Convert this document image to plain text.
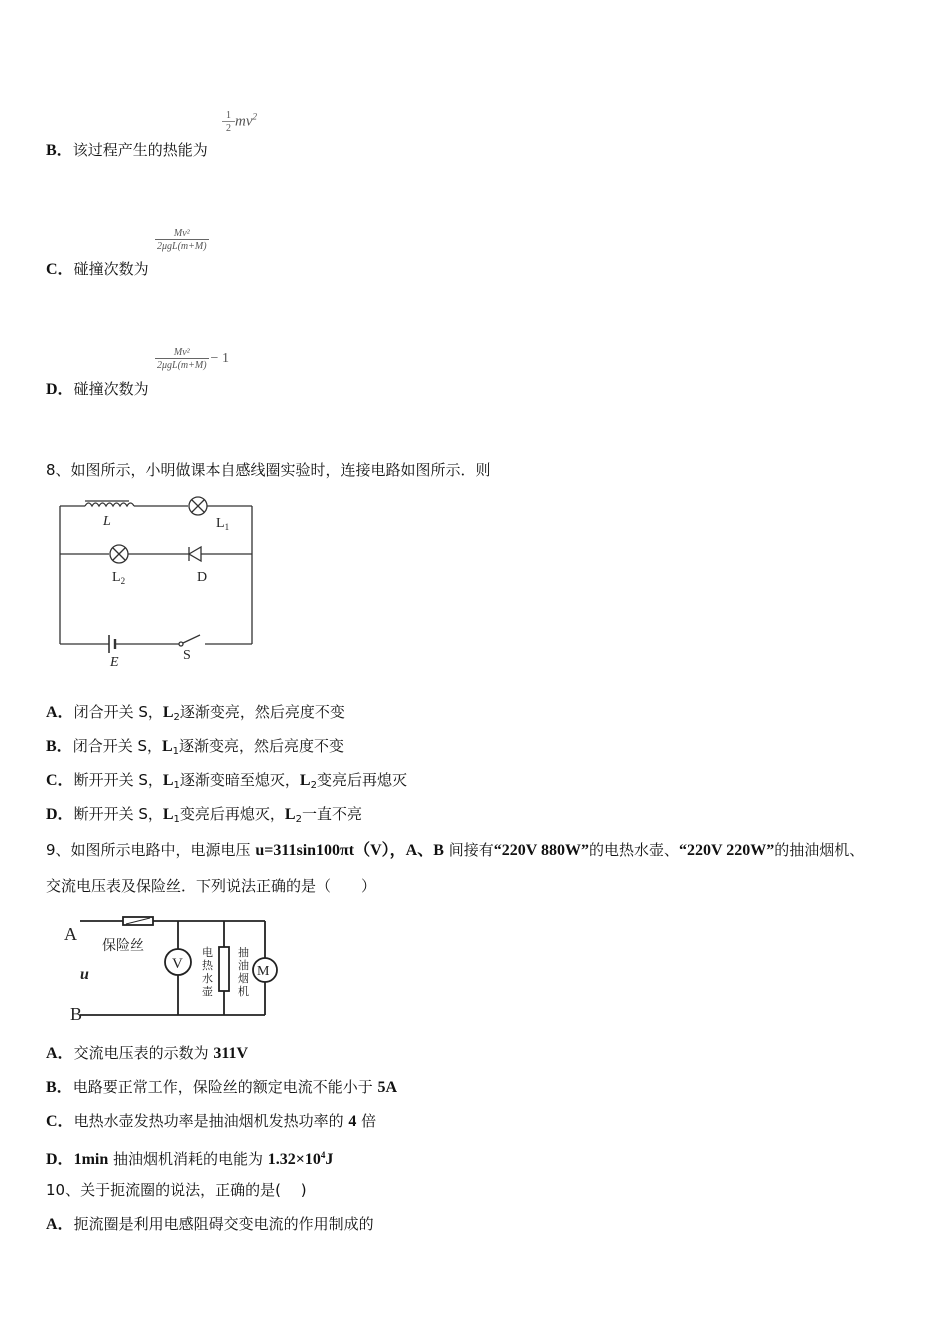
$\frac{1}{2} mv^2$
B．该过程产生的热能为
$\frac{\text{Mv²}}{\text{2μgL(m+M)}}$
C．碰撞次数为
$\frac{\text{Mv²}}{\text{2μgL(m+M)}} - 1$
D．碰撞次数为
8、如图所示，小明做课本自感线圈实验时，连接电路如图所示．则
L	$L_1$
$L_2$	D
E	S
A．闭合开关 S，$L_2$逐渐变亮，然后亮度不变
B．闭合开关 S，$L_1$逐渐变亮，然后亮度不变
C．断开开关 S，$L_1$逐渐变暗至熄灭，$L_2$变亮后再熄灭
D．断开开关 S，$L_1$变亮后再熄灭，$L_2$一直不亮
9、如图所示电路中，电源电压 u=311sin100πt（V），A、B 间接有“220V 880W”的电热水壶、“220V 220W”的抽油烟机、
交流电压表及保险丝．下列说法正确的是（　　）
A
B
u
保险丝
V	M
电
热
水
壶
抽
油
烟
机
A．交流电压表的示数为 311V
B．电路要正常工作，保险丝的额定电流不能小于 5A
C．电热水壶发热功率是抽油烟机发热功率的 4 倍
D．1min 抽油烟机消耗的电能为 $1.32\times 10^4J$
10、关于扼流圈的说法，正确的是(　 )
A．扼流圈是利用电感阻碍交变电流的作用制成的
